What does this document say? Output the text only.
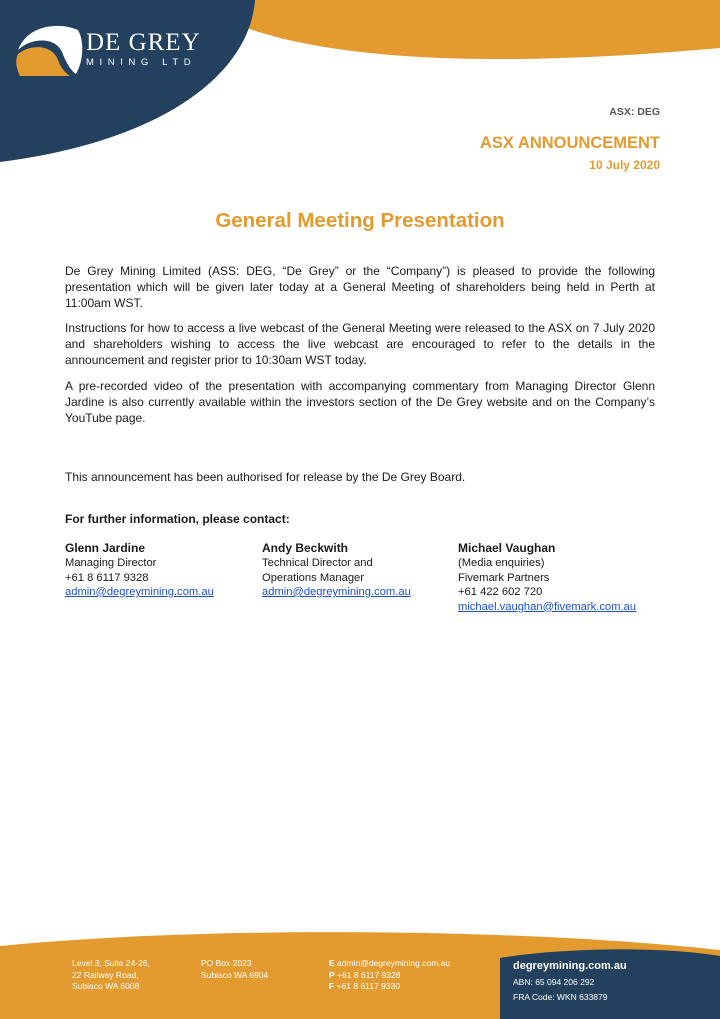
DE GREY
MINING LTD
ASX: DEG
ASX ANNOUNCEMENT
10 July 2020
General Meeting Presentation
De Grey Mining Limited (ASS: DEG, “De Grey” or the “Company”) is pleased to provide the following presentation which will be given later today at a General Meeting of shareholders being held in Perth at 11:00am WST.
Instructions for how to access a live webcast of the General Meeting were released to the ASX on 7 July 2020 and shareholders wishing to access the live webcast are encouraged to refer to the details in the announcement and register prior to 10:30am WST today.
A pre-recorded video of the presentation with accompanying commentary from Managing Director Glenn Jardine is also currently available within the investors section of the De Grey website and on the Company’s YouTube page.
This announcement has been authorised for release by the De Grey Board.
For further information, please contact:
Glenn Jardine
Managing Director
+61 8 6117 9328
admin@degreymining.com.au
Andy Beckwith
Technical Director and
Operations Manager
admin@degreymining.com.au
Michael Vaughan
(Media enquiries)
Fivemark Partners
+61 422 602 720
michael.vaughan@fivemark.com.au
Level 3, Suite 24-26,
22 Railway Road,
Subiaco WA 6008
PO Box 2023
Subiaco WA 6904
E admin@degreymining.com.au
P +61 8 6117 9328
F +61 8 6117 9330
degreymining.com.au
ABN: 65 094 206 292
FRA Code: WKN 633879
